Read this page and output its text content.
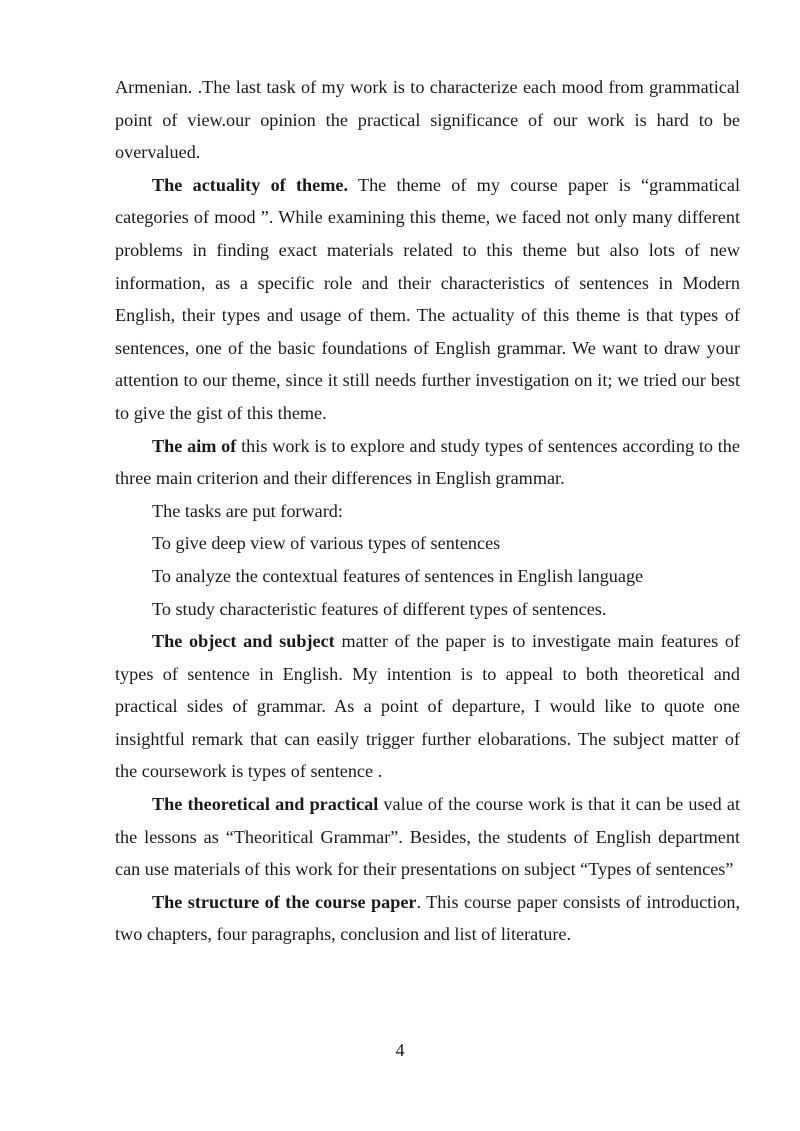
Armenian. .The last task of my work is to characterize each mood from grammatical point of view.our opinion the practical significance of our work is hard to be overvalued.

The actuality of theme. The theme of my course paper is “grammatical categories of mood ”. While examining this theme, we faced not only many different problems in finding exact materials related to this theme but also lots of new information, as a specific role and their characteristics of sentences in Modern English, their types and usage of them. The actuality of this theme is that types of sentences, one of the basic foundations of English grammar. We want to draw your attention to our theme, since it still needs further investigation on it; we tried our best to give the gist of this theme.

The aim of this work is to explore and study types of sentences according to the three main criterion and their differences in English grammar.

The tasks are put forward:

To give deep view of various types of sentences

To analyze the contextual features of sentences in English language

To study characteristic features of different types of sentences.

The object and subject matter of the paper is to investigate main features of types of sentence in English. My intention is to appeal to both theoretical and practical sides of grammar. As a point of departure, I would like to quote one insightful remark that can easily trigger further elobarations. The subject matter of the coursework is types of sentence .

The theoretical and practical value of the course work is that it can be used at the lessons as “Theoritical Grammar”. Besides, the students of English department can use materials of this work for their presentations on subject “Types of sentences”

The structure of the course paper. This course paper consists of introduction, two chapters, four paragraphs, conclusion and list of literature.

4
